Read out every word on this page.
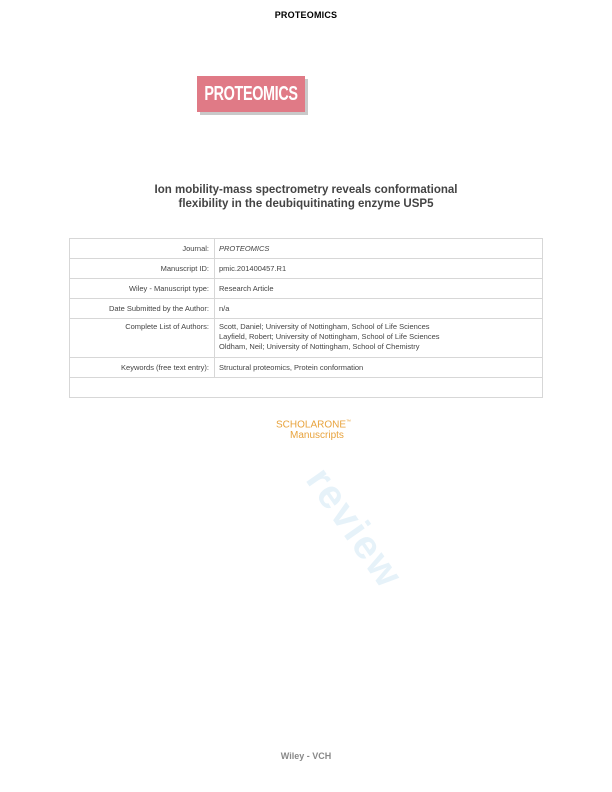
PROTEOMICS
PROTEOMICS
Ion mobility-mass spectrometry reveals conformational
flexibility in the deubiquitinating enzyme USP5
Journal:	PROTEOMICS
Manuscript ID:	pmic.201400457.R1
Wiley - Manuscript type:	Research Article
Date Submitted by the Author:	n/a
Complete List of Authors:	Scott, Daniel; University of Nottingham, School of Life Sciences
Layfield, Robert; University of Nottingham, School of Life Sciences
Oldham, Neil; University of Nottingham, School of Chemistry

Keywords (free text entry):	Structural proteomics, Protein conformation

SCHOLARONE™
Manuscripts
review
Wiley - VCH
